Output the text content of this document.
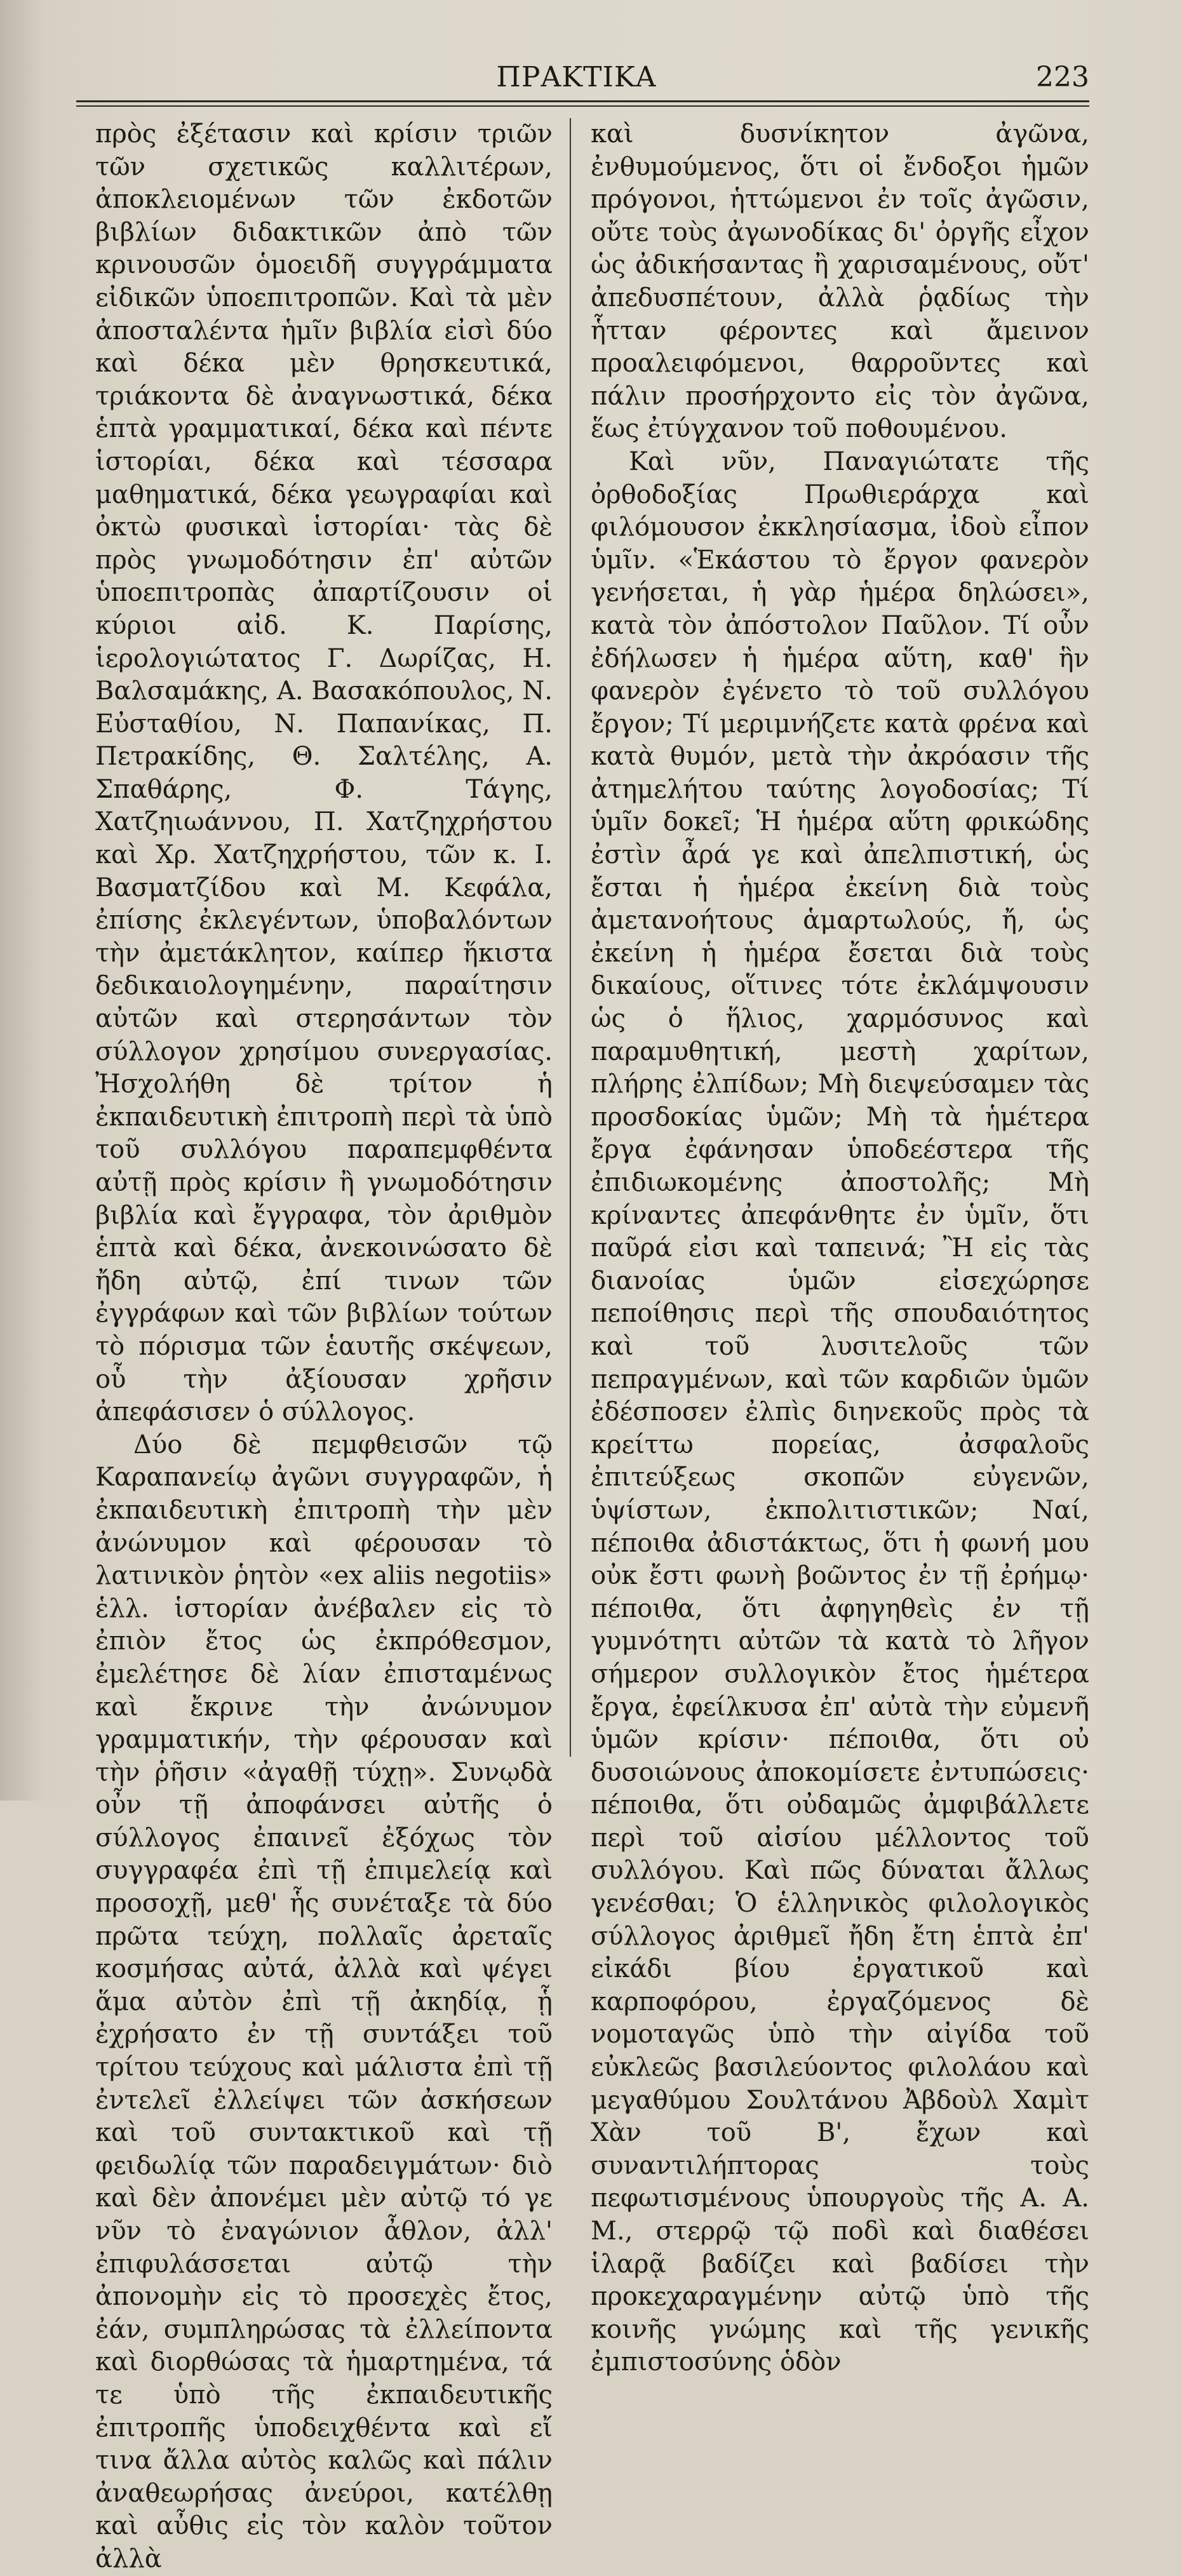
ΠΡΑΚΤΙΚΑ	223

πρὸς ἐξέτασιν καὶ κρίσιν τριῶν τῶν σχετικῶς καλλιτέρων, ἀποκλειομένων τῶν ἐκδοτῶν βιβλίων διδακτικῶν ἀπὸ τῶν κρινουσῶν ὁμοειδῆ συγγράμματα εἰδικῶν ὑποεπιτροπῶν. Καὶ τὰ μὲν ἀποσταλέντα ἡμῖν βιβλία εἰσὶ δύο καὶ δέκα μὲν θρησκευτικά, τριάκοντα δὲ ἀναγνωστικά, δέκα ἑπτὰ γραμματικαί, δέκα καὶ πέντε ἱστορίαι, δέκα καὶ τέσσαρα μαθηματικά, δέκα γεωγραφίαι καὶ ὀκτὼ φυσικαὶ ἱστορίαι· τὰς δὲ πρὸς γνωμοδότησιν ἐπ' αὐτῶν ὑποεπιτροπὰς ἀπαρτίζουσιν οἱ κύριοι αἰδ. Κ. Παρίσης, ἱερολογιώτατος Γ. Δωρίζας, Η. Βαλσαμάκης, Α. Βασακόπουλος, Ν. Εὐσταθίου, Ν. Παπανίκας, Π. Πετρακίδης, Θ. Σαλτέλης, Α. Σπαθάρης, Φ. Τάγης, Χατζηιωάννου, Π. Χατζηχρήστου καὶ Χρ. Χατζηχρήστου, τῶν κ. Ι. Βασματζίδου καὶ Μ. Κεφάλα, ἐπίσης ἐκλεγέντων, ὑποβαλόντων τὴν ἀμετάκλητον, καίπερ ἥκιστα δεδικαιολογημένην, παραίτησιν αὐτῶν καὶ στερησάντων τὸν σύλλογον χρησίμου συνεργασίας. Ἠσχολήθη δὲ τρίτον ἡ ἐκπαιδευτικὴ ἐπιτροπὴ περὶ τὰ ὑπὸ τοῦ συλλόγου παραπεμφθέντα αὐτῇ πρὸς κρίσιν ἢ γνωμοδότησιν βιβλία καὶ ἔγγραφα, τὸν ἀριθμὸν ἑπτὰ καὶ δέκα, ἀνεκοινώσατο δὲ ἤδη αὐτῷ, ἐπί τινων τῶν ἐγγράφων καὶ τῶν βιβλίων τούτων τὸ πόρισμα τῶν ἑαυτῆς σκέψεων, οὗ τὴν ἀξίουσαν χρῆσιν ἀπεφάσισεν ὁ σύλλογος.

Δύο δὲ πεμφθεισῶν τῷ Καραπανείῳ ἀγῶνι συγγραφῶν, ἡ ἐκπαιδευτικὴ ἐπιτροπὴ τὴν μὲν ἀνώνυμον καὶ φέρουσαν τὸ λατινικὸν ῥητὸν «ex aliis negotiis» ἑλλ. ἱστορίαν ἀνέβαλεν εἰς τὸ ἐπιὸν ἔτος ὡς ἐκπρόθεσμον, ἐμελέτησε δὲ λίαν ἐπισταμένως καὶ ἔκρινε τὴν ἀνώνυμον γραμματικήν, τὴν φέρουσαν καὶ τὴν ῥῆσιν «ἀγαθῇ τύχῃ». Συνῳδὰ οὖν τῇ ἀποφάνσει αὐτῆς ὁ σύλλογος ἐπαινεῖ ἐξόχως τὸν συγγραφέα ἐπὶ τῇ ἐπιμελείᾳ καὶ προσοχῇ, μεθ' ἧς συνέταξε τὰ δύο πρῶτα τεύχη, πολλαῖς ἀρεταῖς κοσμήσας αὐτά, ἀλλὰ καὶ ψέγει ἅμα αὐτὸν ἐπὶ τῇ ἀκηδίᾳ, ᾗ ἐχρήσατο ἐν τῇ συντάξει τοῦ τρίτου τεύχους καὶ μάλιστα ἐπὶ τῇ ἐντελεῖ ἐλλείψει τῶν ἀσκήσεων καὶ τοῦ συντακτικοῦ καὶ τῇ φειδωλίᾳ τῶν παραδειγμάτων· διὸ καὶ δὲν ἀπονέμει μὲν αὐτῷ τό γε νῦν τὸ ἐναγώνιον ἆθλον, ἀλλ' ἐπιφυλάσσεται αὐτῷ τὴν ἀπονομὴν εἰς τὸ προσεχὲς ἔτος, ἐάν, συμπληρώσας τὰ ἐλλείποντα καὶ διορθώσας τὰ ἡμαρτημένα, τά τε ὑπὸ τῆς ἐκπαιδευτικῆς ἐπιτροπῆς ὑποδειχθέντα καὶ εἴ τινα ἄλλα αὐτὸς καλῶς καὶ πάλιν ἀναθεωρήσας ἀνεύροι, κατέλθῃ καὶ αὖθις εἰς τὸν καλὸν τοῦτον ἀλλὰ

καὶ δυσνίκητον ἀγῶνα, ἐνθυμούμενος, ὅτι οἱ ἔνδοξοι ἡμῶν πρόγονοι, ἡττώμενοι ἐν τοῖς ἀγῶσιν, οὔτε τοὺς ἀγωνοδίκας δι' ὀργῆς εἶχον ὡς ἀδικήσαντας ἢ χαρισαμένους, οὔτ' ἀπεδυσπέτουν, ἀλλὰ ῥᾳδίως τὴν ἧτταν φέροντες καὶ ἄμεινον προαλειφόμενοι, θαρροῦντες καὶ πάλιν προσήρχοντο εἰς τὸν ἀγῶνα, ἕως ἐτύγχανον τοῦ ποθουμένου.

Καὶ νῦν, Παναγιώτατε τῆς ὀρθοδοξίας Πρωθιεράρχα καὶ φιλόμουσον ἐκκλησίασμα, ἰδοὺ εἶπον ὑμῖν. «Ἑκάστου τὸ ἔργον φανερὸν γενήσεται, ἡ γὰρ ἡμέρα δηλώσει», κατὰ τὸν ἀπόστολον Παῦλον. Τί οὖν ἐδήλωσεν ἡ ἡμέρα αὕτη, καθ' ἣν φανερὸν ἐγένετο τὸ τοῦ συλλόγου ἔργον; Τί μεριμνήζετε κατὰ φρένα καὶ κατὰ θυμόν, μετὰ τὴν ἀκρόασιν τῆς ἀτημελήτου ταύτης λογοδοσίας; Τί ὑμῖν δοκεῖ; Ἡ ἡμέρα αὕτη φρικώδης ἐστὶν ἆρά γε καὶ ἀπελπιστική, ὡς ἔσται ἡ ἡμέρα ἐκείνη διὰ τοὺς ἀμετανοήτους ἁμαρτωλούς, ἤ, ὡς ἐκείνη ἡ ἡμέρα ἔσεται διὰ τοὺς δικαίους, οἵτινες τότε ἐκλάμψουσιν ὡς ὁ ἥλιος, χαρμόσυνος καὶ παραμυθητική, μεστὴ χαρίτων, πλήρης ἐλπίδων; Μὴ διεψεύσαμεν τὰς προσδοκίας ὑμῶν; Μὴ τὰ ἡμέτερα ἔργα ἐφάνησαν ὑποδεέστερα τῆς ἐπιδιωκομένης ἀποστολῆς; Μὴ κρίναντες ἀπεφάνθητε ἐν ὑμῖν, ὅτι παῦρά εἰσι καὶ ταπεινά; Ἢ εἰς τὰς διανοίας ὑμῶν εἰσεχώρησε πεποίθησις περὶ τῆς σπουδαιότητος καὶ τοῦ λυσιτελοῦς τῶν πεπραγμένων, καὶ τῶν καρδιῶν ὑμῶν ἐδέσποσεν ἐλπὶς διηνεκοῦς πρὸς τὰ κρείττω πορείας, ἀσφαλοῦς ἐπιτεύξεως σκοπῶν εὐγενῶν, ὑψίστων, ἐκπολιτιστικῶν; Ναί, πέποιθα ἀδιστάκτως, ὅτι ἡ φωνή μου οὐκ ἔστι φωνὴ βοῶντος ἐν τῇ ἐρήμῳ· πέποιθα, ὅτι ἀφηγηθεὶς ἐν τῇ γυμνότητι αὐτῶν τὰ κατὰ τὸ λῆγον σήμερον συλλογικὸν ἔτος ἡμέτερα ἔργα, ἐφείλκυσα ἐπ' αὐτὰ τὴν εὐμενῆ ὑμῶν κρίσιν· πέποιθα, ὅτι οὐ δυσοιώνους ἀποκομίσετε ἐντυπώσεις· πέποιθα, ὅτι οὐδαμῶς ἀμφιβάλλετε περὶ τοῦ αἰσίου μέλλοντος τοῦ συλλόγου. Καὶ πῶς δύναται ἄλλως γενέσθαι; Ὁ ἑλληνικὸς φιλολογικὸς σύλλογος ἀριθμεῖ ἤδη ἔτη ἑπτὰ ἐπ' εἰκάδι βίου ἐργατικοῦ καὶ καρποφόρου, ἐργαζόμενος δὲ νομοταγῶς ὑπὸ τὴν αἰγίδα τοῦ εὐκλεῶς βασιλεύοντος φιλολάου καὶ μεγαθύμου Σουλτάνου Ἀβδοὺλ Χαμὶτ Χὰν τοῦ Β', ἔχων καὶ συναντιλήπτορας τοὺς πεφωτισμένους ὑπουργοὺς τῆς Α. Α. Μ., στερρῷ τῷ ποδὶ καὶ διαθέσει ἱλαρᾷ βαδίζει καὶ βαδίσει τὴν προκεχαραγμένην αὐτῷ ὑπὸ τῆς κοινῆς γνώμης καὶ τῆς γενικῆς ἐμπιστοσύνης ὁδὸν
